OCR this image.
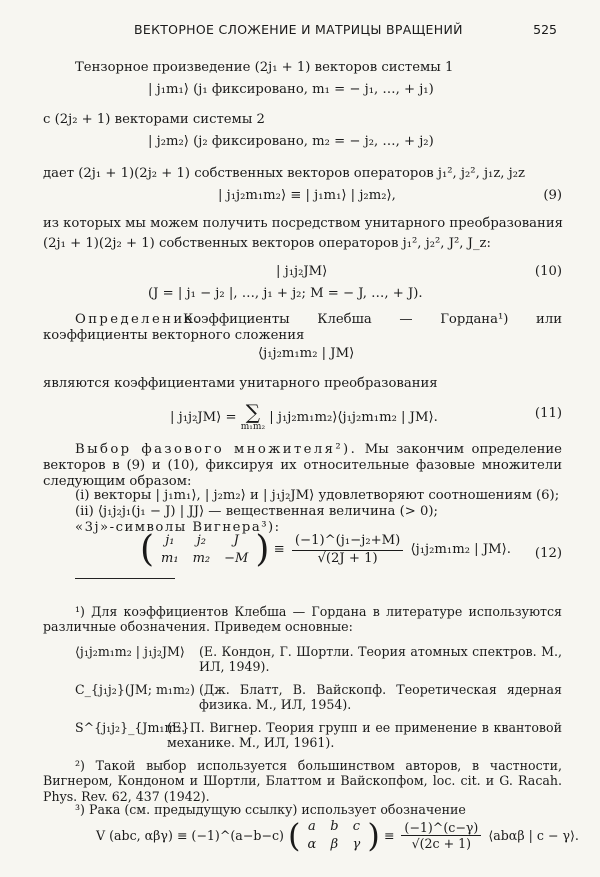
ВЕКТОРНОЕ СЛОЖЕНИЕ И МАТРИЦЫ ВРАЩЕНИЙ	525
Тензорное произведение (2j₁ + 1) векторов системы 1
| j₁m₁⟩ (j₁ фиксировано, m₁ = − j₁, …, + j₁)
с (2j₂ + 1) векторами системы 2
| j₂m₂⟩ (j₂ фиксировано, m₂ = − j₂, …, + j₂)
дает (2j₁ + 1)(2j₂ + 1) собственных векторов операторов j₁², j₂², j₁z, j₂z
| j₁j₂m₁m₂⟩ ≡ | j₁m₁⟩ | j₂m₂⟩,	(9)
из которых мы можем получить посредством унитарного преобразования
(2j₁ + 1)(2j₂ + 1) собственных векторов операторов j₁², j₂², J², J_z:
| j₁j₂JM⟩	(10)
(J = | j₁ − j₂ |, …, j₁ + j₂; M = − J, …, + J).
Определение.
Коэффициенты Клебша — Гордана¹) или коэффициенты векторного сложения
⟨j₁j₂m₁m₂ | JM⟩
являются коэффициентами унитарного преобразования
| j₁j₂JM⟩ = ∑
m₁m₂
| j₁j₂m₁m₂⟩⟨j₁j₂m₁m₂ | JM⟩.	(11)
Выбор фазового множителя²). Мы закончим определение векторов в (9) и (10), фиксируя их относительные фазовые множители следующим образом:
(i) векторы | j₁m₁⟩, | j₂m₂⟩ и | j₁j₂JM⟩ удовлетворяют соотношениям (6);
(ii) ⟨j₁j₂j₁(j₁ − J) | JJ⟩ — вещественная величина (> 0);
«3j»-символы Вигнера³):
( j₁	j₂	J
m₁	m₂	−M ) ≡ $\frac{\text{(−1)\textasciicircum{}(j₁−j₂+M)}}{√(2J + 1)}$ ⟨j₁j₂m₁m₂ | JM⟩. (12)
¹) Для коэффициентов Клебша — Гордана в литературе используются различные обозначения. Приведем основные:
⟨j₁j₂m₁m₂ | j₁j₂JM⟩ (Е. Кондон, Г. Шортли. Теория атомных спектров. М., ИЛ, 1949).
C_{j₁j₂}(JM; m₁m₂) (Дж. Блатт, В. Вайскопф. Теоретическая ядерная физика. М., ИЛ, 1954).
S^{j₁j₂}_{Jm₁m₂}
(Е. П. Вигнер. Теория групп и ее применение в квантовой механике. М., ИЛ, 1961).
²) Такой выбор используется большинством авторов, в частности, Вигнером, Кондоном и Шортли, Блаттом и Вайскопфом, loc. cit. и G. Racah. Phys. Rev. 62, 437 (1942).
³) Рака (см. предыдущую ссылку) использует обозначение
V (abc, αβγ) ≡ (−1)^(a−b−c) ( a	b	c
α	β	γ ) ≡ $\frac{(-1)\^{}(c-\gamma)}{√(2c + 1)}$ ⟨abαβ | c − γ⟩.
